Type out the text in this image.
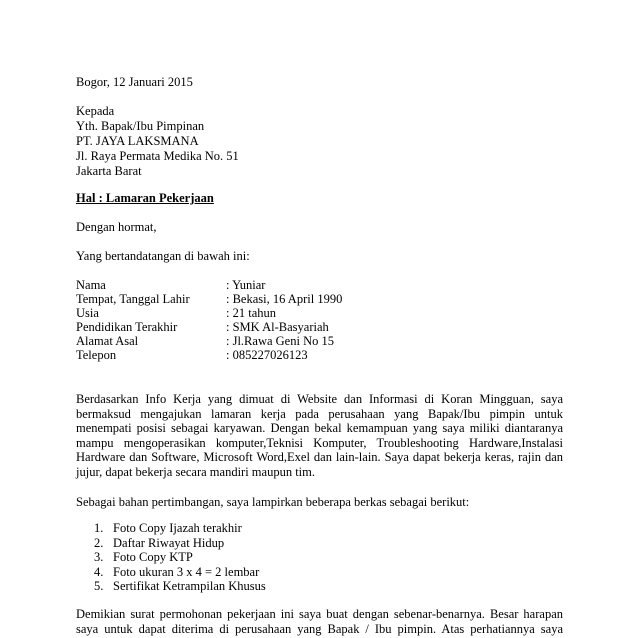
Bogor, 12 Januari 2015
Kepada
Yth. Bapak/Ibu Pimpinan
PT. JAYA LAKSMANA
Jl. Raya Permata Medika No. 51
Jakarta Barat
Hal : Lamaran Pekerjaan
Dengan hormat,
Yang bertandatangan di bawah ini:
Nama	: Yuniar
Tempat, Tanggal Lahir	: Bekasi, 16 April 1990
Usia	: 21 tahun
Pendidikan Terakhir	: SMK Al-Basyariah
Alamat Asal	: Jl.Rawa Geni No 15
Telepon	: 085227026123
Berdasarkan Info Kerja yang dimuat di Website dan Informasi di Koran Mingguan, saya
bermaksud mengajukan lamaran kerja pada perusahaan yang Bapak/Ibu pimpin untuk
menempati posisi sebagai karyawan. Dengan bekal kemampuan yang saya miliki diantaranya
mampu mengoperasikan komputer,Teknisi Komputer, Troubleshooting Hardware,Instalasi
Hardware dan Software, Microsoft Word,Exel dan lain-lain. Saya dapat bekerja keras, rajin dan
jujur, dapat bekerja secara mandiri maupun tim.
Sebagai bahan pertimbangan, saya lampirkan beberapa berkas sebagai berikut:
1. Foto Copy Ijazah terakhir
2. Daftar Riwayat Hidup
3. Foto Copy KTP
4. Foto ukuran 3 x 4 = 2 lembar
5. Sertifikat Ketrampilan Khusus
Demikian surat permohonan pekerjaan ini saya buat dengan sebenar-benarnya. Besar harapan
saya untuk dapat diterima di perusahaan yang Bapak / Ibu pimpin. Atas perhatiannya saya
